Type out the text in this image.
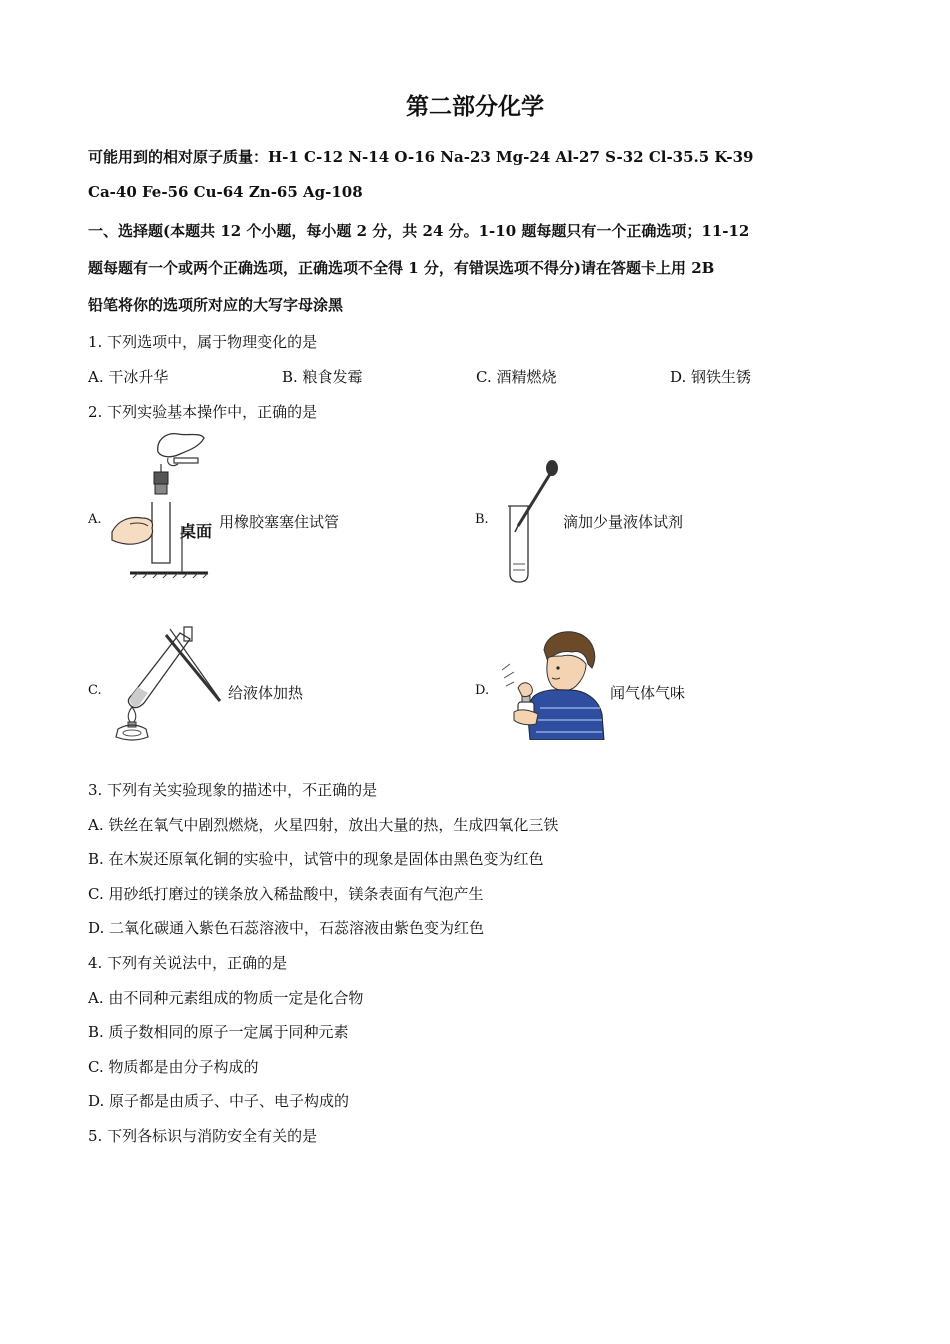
第二部分化学
可能用到的相对原子质量：H-1 C-12 N-14 O-16 Na-23 Mg-24 Al-27 S-32 Cl-35.5 K-39
Ca-40 Fe-56 Cu-64 Zn-65 Ag-108
一、选择题(本题共 12 个小题，每小题 2 分，共 24 分。1-10 题每题只有一个正确选项；11-12
题每题有一个或两个正确选项，正确选项不全得 1 分，有错误选项不得分)请在答题卡上用 2B
铅笔将你的选项所对应的大写字母涂黑
1. 下列选项中，属于物理变化的是
A. 干冰升华	B. 粮食发霉	C. 酒精燃烧	D. 钢铁生锈
2. 下列实验基本操作中，正确的是
A.
桌面 用橡胶塞塞住试管	B.	滴加少量液体试剂
C.	给液体加热	D.	闻气体气味
3. 下列有关实验现象的描述中，不正确的是
A. 铁丝在氧气中剧烈燃烧，火星四射，放出大量的热，生成四氧化三铁
B. 在木炭还原氧化铜的实验中，试管中的现象是固体由黑色变为红色
C. 用砂纸打磨过的镁条放入稀盐酸中，镁条表面有气泡产生
D. 二氧化碳通入紫色石蕊溶液中，石蕊溶液由紫色变为红色
4. 下列有关说法中，正确的是
A. 由不同种元素组成的物质一定是化合物
B. 质子数相同的原子一定属于同种元素
C. 物质都是由分子构成的
D. 原子都是由质子、中子、电子构成的
5. 下列各标识与消防安全有关的是
